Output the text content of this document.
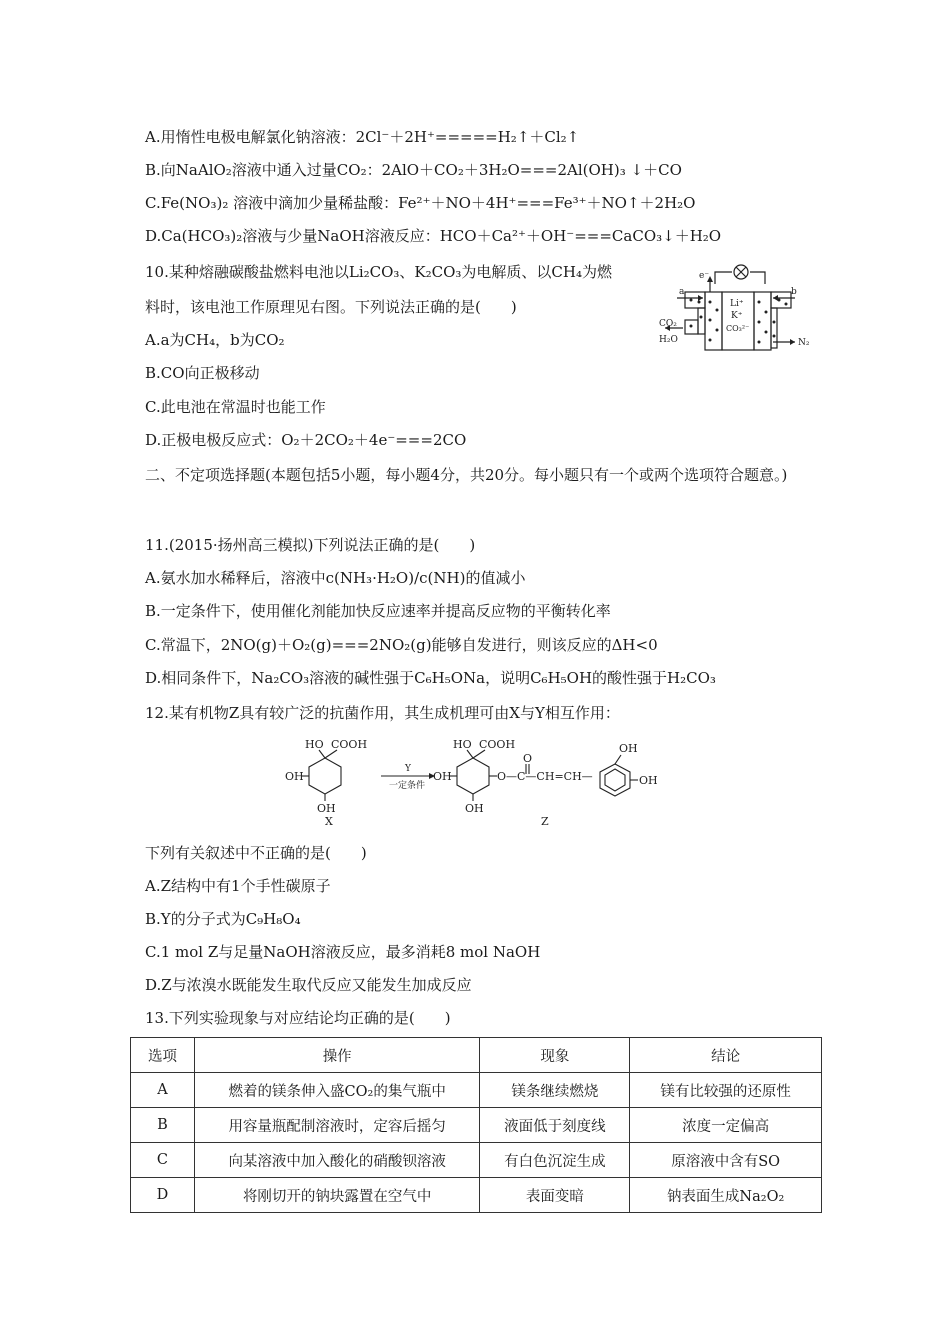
A.用惰性电极电解氯化钠溶液：2Cl⁻＋2H⁺=====H₂↑＋Cl₂↑
B.向NaAlO₂溶液中通入过量CO₂：2AlO＋CO₂＋3H₂O===2Al(OH)₃ ↓＋CO
C.Fe(NO₃)₂ 溶液中滴加少量稀盐酸：Fe²⁺＋NO＋4H⁺===Fe³⁺＋NO↑＋2H₂O
D.Ca(HCO₃)₂溶液与少量NaOH溶液反应：HCO＋Ca²⁺＋OH⁻===CaCO₃↓＋H₂O
10.某种熔融碳酸盐燃料电池以Li₂CO₃、K₂CO₃为电解质、以CH₄为燃
料时，该电池工作原理见右图。下列说法正确的是(　　)
A.a为CH₄，b为CO₂
B.CO向正极移动
C.此电池在常温时也能工作
D.正极电极反应式：O₂＋2CO₂＋4e⁻===2CO
e⁻
a	b
Li⁺
K⁺
CO₃²⁻
CO₂
H₂O	N₂
二、不定项选择题(本题包括5小题，每小题4分，共20分。每小题只有一个或两个选项符合题意。)
11.(2015·扬州高三模拟)下列说法正确的是(　　)
A.氨水加水稀释后，溶液中c(NH₃·H₂O)/c(NH)的值减小
B.一定条件下，使用催化剂能加快反应速率并提高反应物的平衡转化率
C.常温下，2NO(g)＋O₂(g)===2NO₂(g)能够自发进行，则该反应的ΔH<0
D.相同条件下，Na₂CO₃溶液的碱性强于C₆H₅ONa，说明C₆H₅OH的酸性强于H₂CO₃
12.某有机物Z具有较广泛的抗菌作用，其生成机理可由X与Y相互作用：
HO COOH
OH
OH
X
Y
一定条件
HO COOH
OH
OH
O
O—C—CH=CH—
OH
OH
Z
下列有关叙述中不正确的是(　　)
A.Z结构中有1个手性碳原子
B.Y的分子式为C₉H₈O₄
C.1 mol Z与足量NaOH溶液反应，最多消耗8 mol NaOH
D.Z与浓溴水既能发生取代反应又能发生加成反应
13.下列实验现象与对应结论均正确的是(　　)
选项	操作	现象	结论
A	燃着的镁条伸入盛CO₂的集气瓶中	镁条继续燃烧	镁有比较强的还原性
B	用容量瓶配制溶液时，定容后摇匀	液面低于刻度线	浓度一定偏高
C	向某溶液中加入酸化的硝酸钡溶液	有白色沉淀生成	原溶液中含有SO
D	将刚切开的钠块露置在空气中	表面变暗	钠表面生成Na₂O₂
